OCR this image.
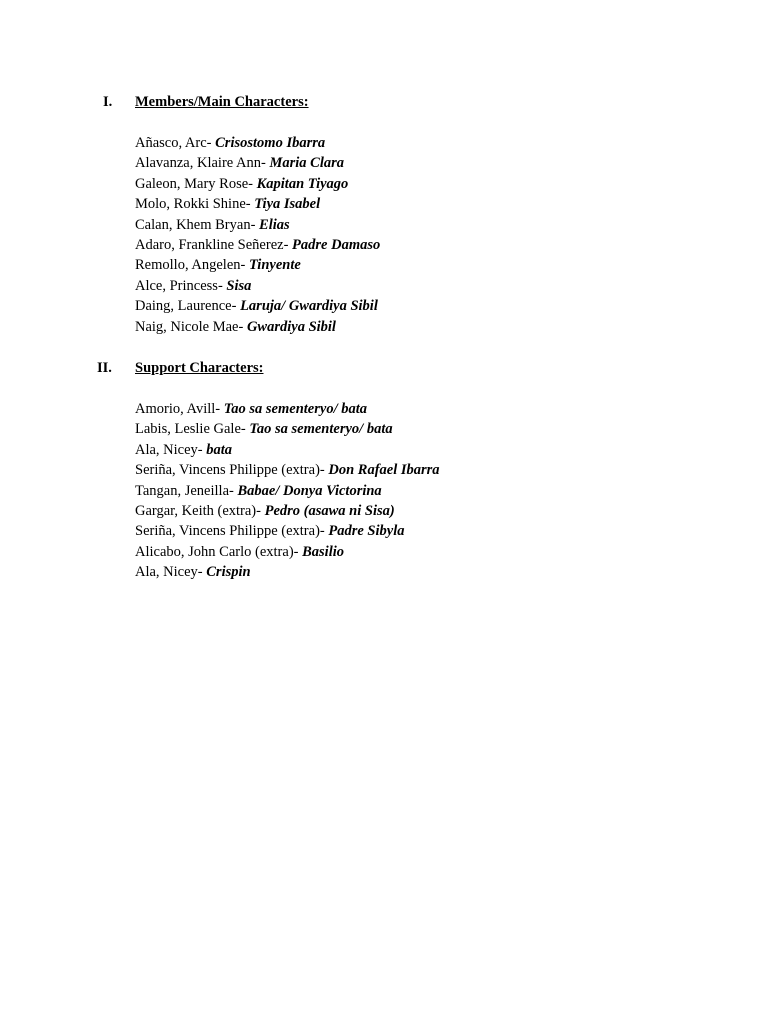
I.	Members/Main Characters:
Añasco, Arc- Crisostomo Ibarra
Alavanza, Klaire Ann- Maria Clara
Galeon, Mary Rose- Kapitan Tiyago
Molo, Rokki Shine- Tiya Isabel
Calan, Khem Bryan- Elias
Adaro, Frankline Señerez- Padre Damaso
Remollo, Angelen- Tinyente
Alce, Princess- Sisa
Daing, Laurence- Laruja/ Gwardiya Sibil
Naig, Nicole Mae- Gwardiya Sibil
II.	Support Characters:
Amorio, Avill- Tao sa sementeryo/ bata
Labis, Leslie Gale- Tao sa sementeryo/ bata
Ala, Nicey- bata
Seriña, Vincens Philippe (extra)- Don Rafael Ibarra
Tangan, Jeneilla- Babae/ Donya Victorina
Gargar, Keith (extra)- Pedro (asawa ni Sisa)
Seriña, Vincens Philippe (extra)- Padre Sibyla
Alicabo, John Carlo (extra)- Basilio
Ala, Nicey- Crispin
